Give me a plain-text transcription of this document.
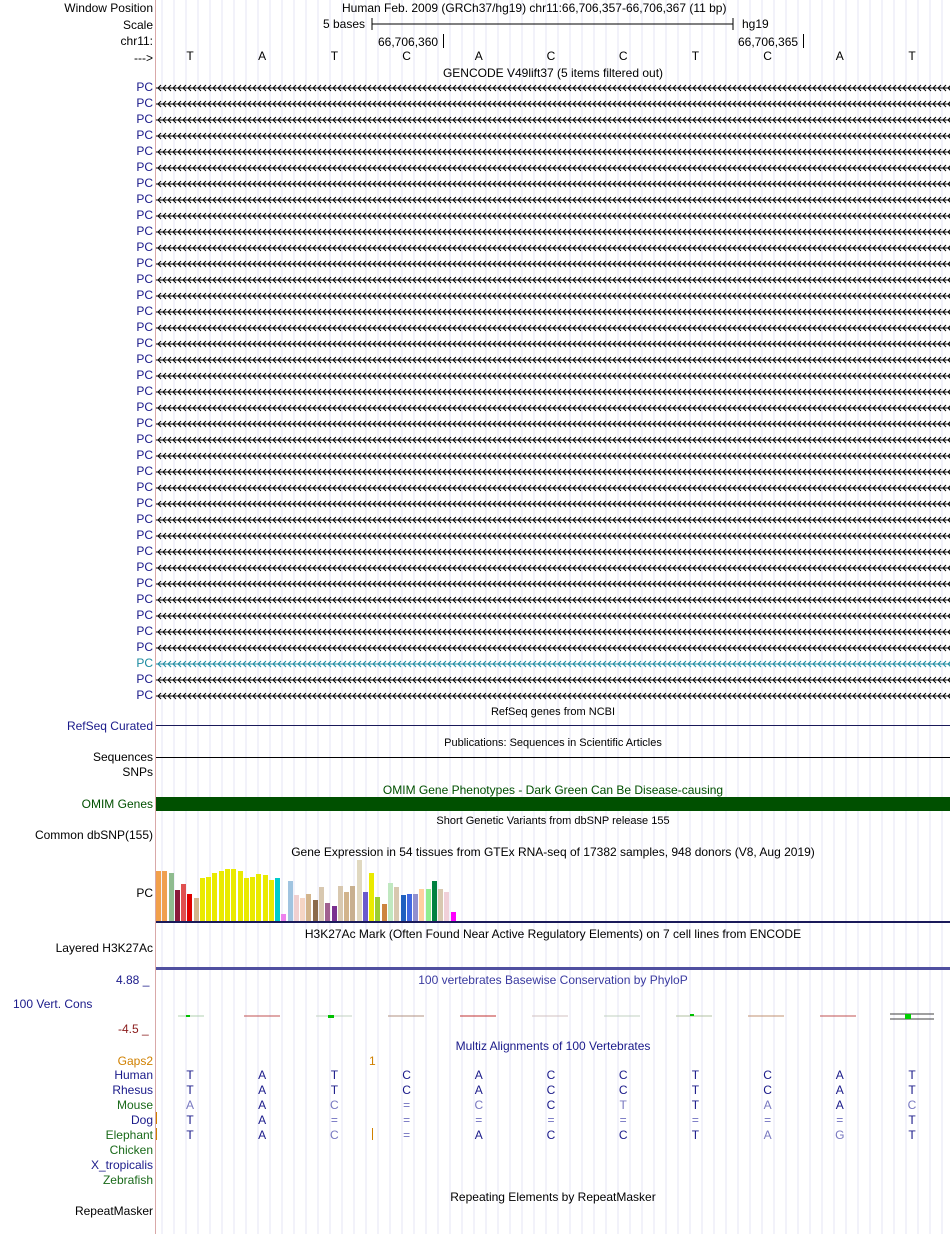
Window Position	Human Feb. 2009 (GRCh37/hg19) chr11:66,706,357-66,706,367 (11 bp)
Scale	5 bases	hg19
chr11:	66,706,360	66,706,365
--->	T	A	T	C	A	C	C	T	C	A	T
GENCODE V49lift37 (5 items filtered out)
PC
PC
PC
PC
PC
PC
PC
PC
PC
PC
PC
PC
PC
PC
PC
PC
PC
PC
PC
PC
PC
PC
PC
PC
PC
PC
PC
PC
PC
PC
PC
PC
PC
PC
PC
PC
PC
PC
PC
RefSeq genes from NCBI
RefSeq Curated
Publications: Sequences in Scientific Articles
Sequences
SNPs
OMIM Gene Phenotypes - Dark Green Can Be Disease-causing
OMIM Genes
Short Genetic Variants from dbSNP release 155
Common dbSNP(155)
Gene Expression in 54 tissues from GTEx RNA-seq of 17382 samples, 948 donors (V8, Aug 2019)
PC
H3K27Ac Mark (Often Found Near Active Regulatory Elements) on 7 cell lines from ENCODE
Layered H3K27Ac
100 vertebrates Basewise Conservation by PhyloP
4.88 _
100 Vert. Cons
-4.5 _
Multiz Alignments of 100 Vertebrates
Gaps2	1
Human	T	A	T	C	A	C	C	T	C	A	T
Rhesus	T	A	T	C	A	C	C	T	C	A	T
Mouse	A	A	C	=	C	C	T	T	A	A	C
Dog	T	A	=	=	=	=	=	=	=	=	T
Elephant	T	A	C	=	A	C	C	T	A	G	T
Chicken
X_tropicalis
Zebrafish
Repeating Elements by RepeatMasker
RepeatMasker
